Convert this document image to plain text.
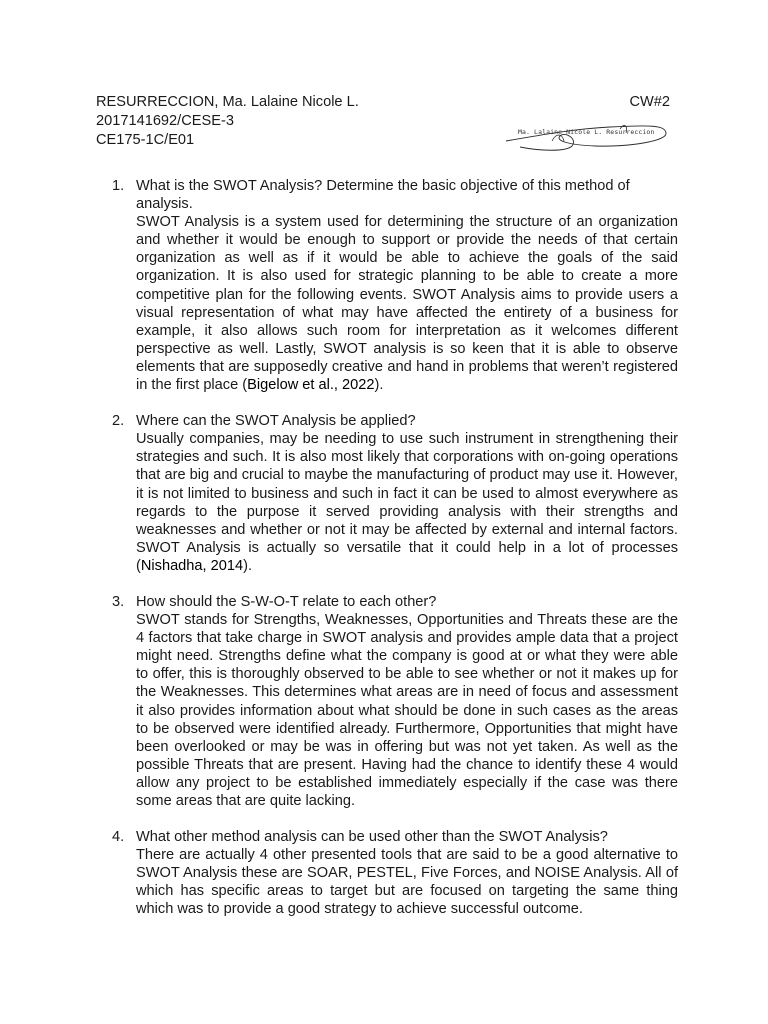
RESURRECCION, Ma. Lalaine Nicole L.
2017141692/CESE-3
CE175-1C/E01
CW#2
Ma. Lalaine Nicole L. Resurreccion
1. What is the SWOT Analysis? Determine the basic objective of this method of analysis.
SWOT Analysis is a system used for determining the structure of an organization and whether it would be enough to support or provide the needs of that certain organization as well as if it would be able to achieve the goals of the said organization. It is also used for strategic planning to be able to create a more competitive plan for the following events. SWOT Analysis aims to provide users a visual representation of what may have affected the entirety of a business for example, it also allows such room for interpretation as it welcomes different perspective as well. Lastly, SWOT analysis is so keen that it is able to observe elements that are supposedly creative and hand in problems that weren’t registered in the first place (Bigelow et al., 2022).
2. Where can the SWOT Analysis be applied?
Usually companies, may be needing to use such instrument in strengthening their strategies and such. It is also most likely that corporations with on-going operations that are big and crucial to maybe the manufacturing of product may use it. However, it is not limited to business and such in fact it can be used to almost everywhere as regards to the purpose it served providing analysis with their strengths and weaknesses and whether or not it may be affected by external and internal factors. SWOT Analysis is actually so versatile that it could help in a lot of processes (Nishadha, 2014).
3. How should the S-W-O-T relate to each other?
SWOT stands for Strengths, Weaknesses, Opportunities and Threats these are the 4 factors that take charge in SWOT analysis and provides ample data that a project might need. Strengths define what the company is good at or what they were able to offer, this is thoroughly observed to be able to see whether or not it makes up for the Weaknesses. This determines what areas are in need of focus and assessment it also provides information about what should be done in such cases as the areas to be observed were identified already. Furthermore, Opportunities that might have been overlooked or may be was in offering but was not yet taken. As well as the possible Threats that are present. Having had the chance to identify these 4 would allow any project to be established immediately especially if the case was there some areas that are quite lacking.
4. What other method analysis can be used other than the SWOT Analysis?
There are actually 4 other presented tools that are said to be a good alternative to SWOT Analysis these are SOAR, PESTEL, Five Forces, and NOISE Analysis. All of which has specific areas to target but are focused on targeting the same thing which was to provide a good strategy to achieve successful outcome.
